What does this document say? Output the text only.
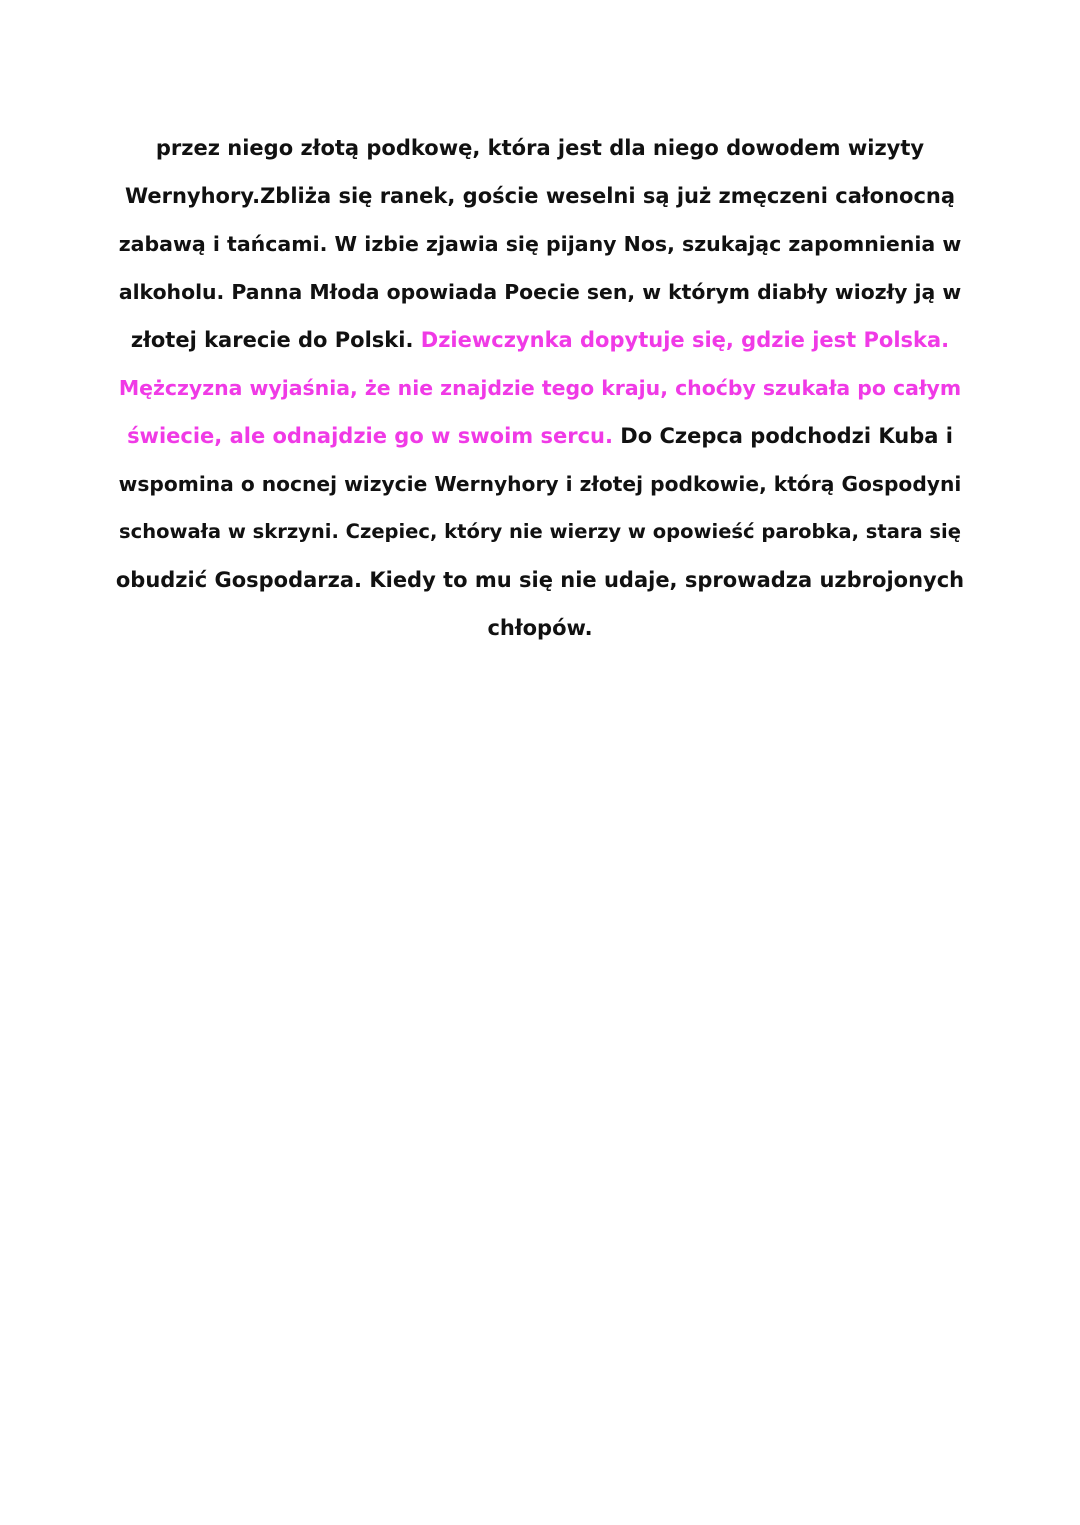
przez niego złotą podkowę, która jest dla niego dowodem wizyty
Wernyhory.Zbliża się ranek, goście weselni są już zmęczeni całonocną
zabawą i tańcami. W izbie zjawia się pijany Nos, szukając zapomnienia w
alkoholu. Panna Młoda opowiada Poecie sen, w którym diabły wiozły ją w
złotej karecie do Polski. Dziewczynka dopytuje się, gdzie jest Polska.
Mężczyzna wyjaśnia, że nie znajdzie tego kraju, choćby szukała po całym
świecie, ale odnajdzie go w swoim sercu. Do Czepca podchodzi Kuba i
wspomina o nocnej wizycie Wernyhory i złotej podkowie, którą Gospodyni
schowała w skrzyni. Czepiec, który nie wierzy w opowieść parobka, stara się
obudzić Gospodarza. Kiedy to mu się nie udaje, sprowadza uzbrojonych
chłopów.
